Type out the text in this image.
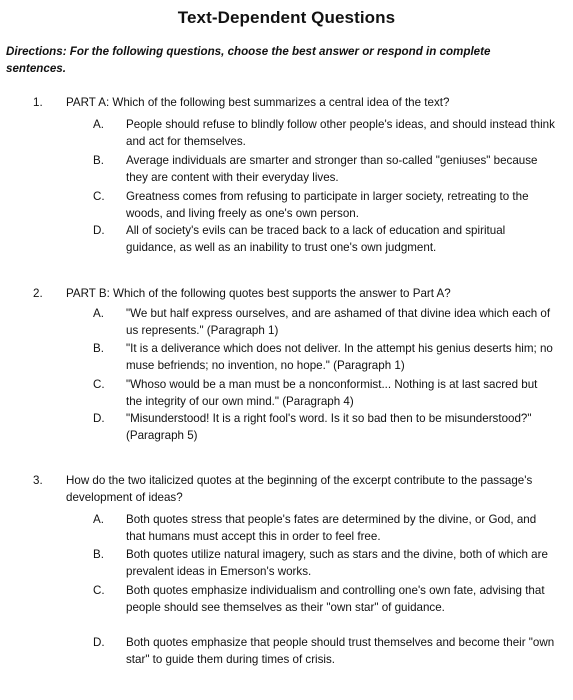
Text-Dependent Questions
Directions: For the following questions, choose the best answer or respond in complete sentences.
1. PART A: Which of the following best summarizes a central idea of the text?
A. People should refuse to blindly follow other people's ideas, and should instead think and act for themselves.
B. Average individuals are smarter and stronger than so-called "geniuses" because they are content with their everyday lives.
C. Greatness comes from refusing to participate in larger society, retreating to the woods, and living freely as one's own person.
D. All of society's evils can be traced back to a lack of education and spiritual guidance, as well as an inability to trust one's own judgment.
2. PART B: Which of the following quotes best supports the answer to Part A?
A. "We but half express ourselves, and are ashamed of that divine idea which each of us represents." (Paragraph 1)
B. "It is a deliverance which does not deliver. In the attempt his genius deserts him; no muse befriends; no invention, no hope." (Paragraph 1)
C. "Whoso would be a man must be a nonconformist... Nothing is at last sacred but the integrity of our own mind." (Paragraph 4)
D. "Misunderstood! It is a right fool's word. Is it so bad then to be misunderstood?" (Paragraph 5)
3. How do the two italicized quotes at the beginning of the excerpt contribute to the passage's development of ideas?
A. Both quotes stress that people's fates are determined by the divine, or God, and that humans must accept this in order to feel free.
B. Both quotes utilize natural imagery, such as stars and the divine, both of which are prevalent ideas in Emerson's works.
C. Both quotes emphasize individualism and controlling one's own fate, advising that people should see themselves as their "own star" of guidance.
D. Both quotes emphasize that people should trust themselves and become their "own star" to guide them during times of crisis.
